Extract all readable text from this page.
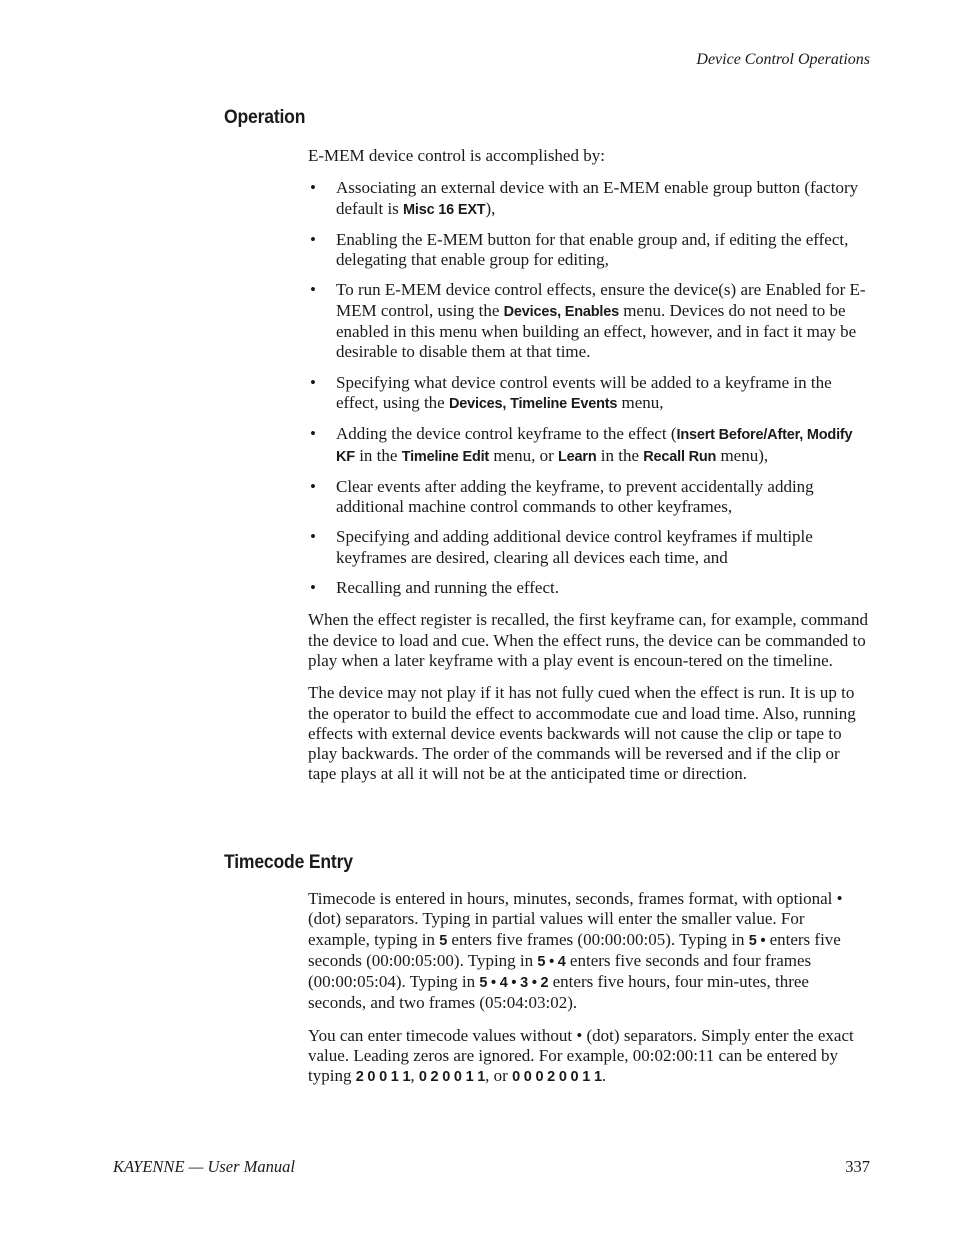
Device Control Operations
Operation

E-MEM device control is accomplished by:

• Associating an external device with an E-MEM enable group button (factory default is Misc 16 EXT),
• Enabling the E-MEM button for that enable group and, if editing the effect, delegating that enable group for editing,
• To run E-MEM device control effects, ensure the device(s) are Enabled for E-MEM control, using the Devices, Enables menu. Devices do not need to be enabled in this menu when building an effect, however, and in fact it may be desirable to disable them at that time.
• Specifying what device control events will be added to a keyframe in the effect, using the Devices, Timeline Events menu,
• Adding the device control keyframe to the effect (Insert Before/After, Modify KF in the Timeline Edit menu, or Learn in the Recall Run menu),
• Clear events after adding the keyframe, to prevent accidentally adding additional machine control commands to other keyframes,
• Specifying and adding additional device control keyframes if multiple keyframes are desired, clearing all devices each time, and
• Recalling and running the effect.

When the effect register is recalled, the first keyframe can, for example, command the device to load and cue. When the effect runs, the device can be commanded to play when a later keyframe with a play event is encoun-tered on the timeline.

The device may not play if it has not fully cued when the effect is run. It is up to the operator to build the effect to accommodate cue and load time. Also, running effects with external device events backwards will not cause the clip or tape to play backwards. The order of the commands will be reversed and if the clip or tape plays at all it will not be at the anticipated time or direction.

Timecode Entry

Timecode is entered in hours, minutes, seconds, frames format, with optional • (dot) separators. Typing in partial values will enter the smaller value. For example, typing in 5 enters five frames (00:00:00:05). Typing in 5 • enters five seconds (00:00:05:00). Typing in 5 • 4 enters five seconds and four frames (00:00:05:04). Typing in 5 • 4 • 3 • 2 enters five hours, four min-utes, three seconds, and two frames (05:04:03:02).

You can enter timecode values without • (dot) separators. Simply enter the exact value. Leading zeros are ignored. For example, 00:02:00:11 can be entered by typing 2 0 0 1 1, 0 2 0 0 1 1, or 0 0 0 2 0 0 1 1.

KAYENNE — User Manual	337
